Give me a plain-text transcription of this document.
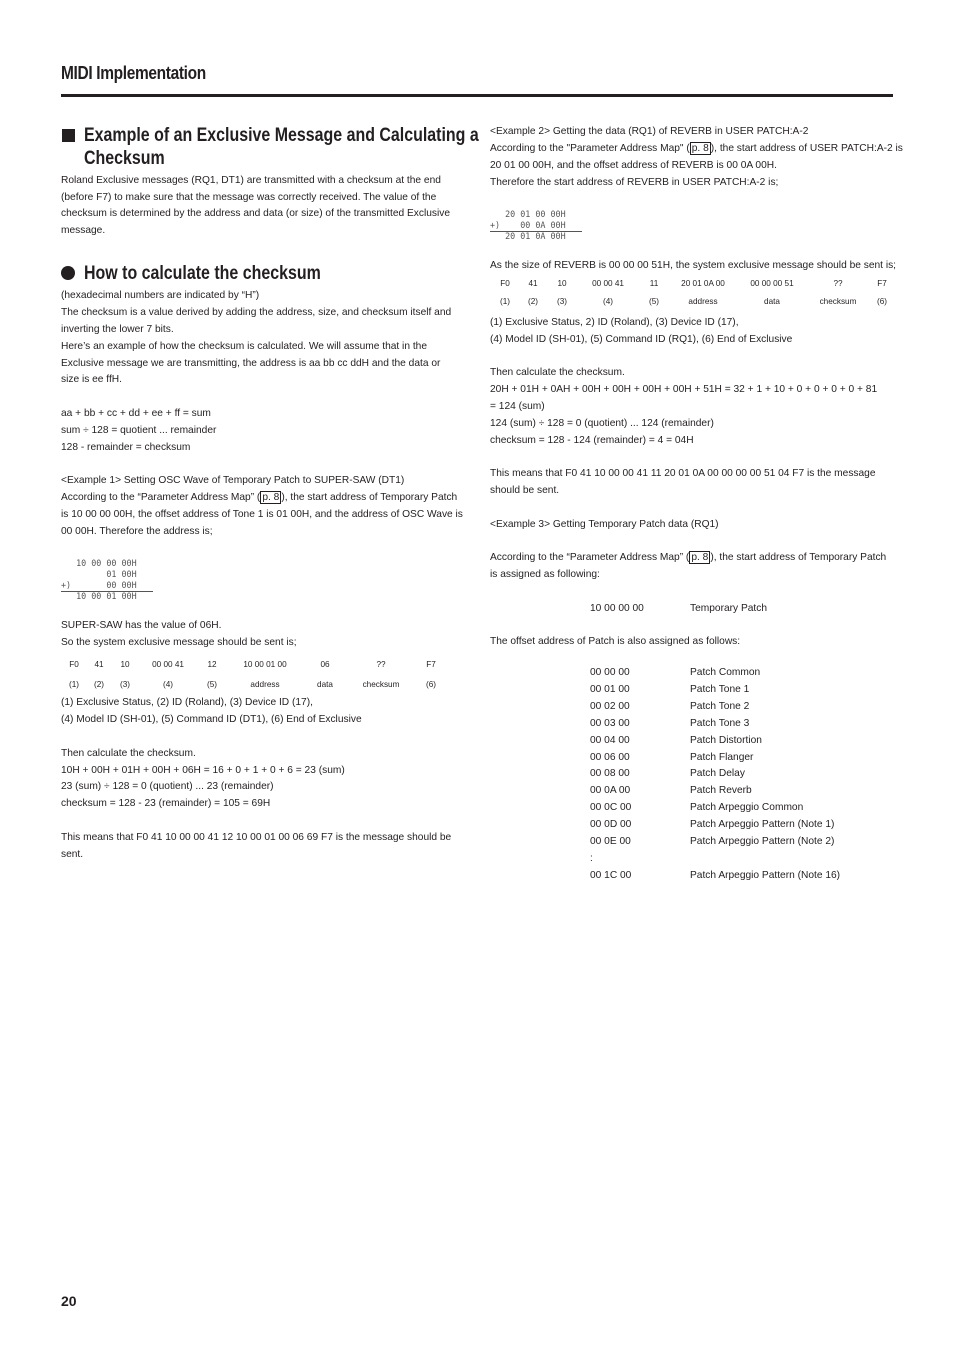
MIDI Implementation
Example of an Exclusive Message and Calculating a
Checksum
Roland Exclusive messages (RQ1, DT1) are transmitted with a checksum at the end
(before F7) to make sure that the message was correctly received. The value of the
checksum is determined by the address and data (or size) of the transmitted Exclusive
message.
How to calculate the checksum
(hexadecimal numbers are indicated by “H”)
The checksum is a value derived by adding the address, size, and checksum itself and
inverting the lower 7 bits.
Here’s an example of how the checksum is calculated. We will assume that in the
Exclusive message we are transmitting, the address is aa bb cc ddH and the data or
size is ee ffH.
aa + bb + cc + dd + ee + ff = sum
sum ÷ 128 = quotient ... remainder
128 - remainder = checksum
<Example 1> Setting OSC Wave of Temporary Patch to SUPER-SAW (DT1)
According to the “Parameter Address Map” ( p. 8 ), the start address of Temporary Patch
is 10 00 00 00H, the offset address of Tone 1 is 01 00H, and the address of OSC Wave is
00 00H. Therefore the address is;
10 00 00 00H
01 00H
+)       00 00H
10 00 01 00H
SUPER-SAW has the value of 06H.
So the system exclusive message should be sent is;
F0 41 10	00 00 41	12	10 00 01 00	06	??	F7
(1) (2) (3)	(4)	(5)	address	data	checksum	(6)
(1) Exclusive Status, (2) ID (Roland), (3) Device ID (17),
(4) Model ID (SH-01), (5) Command ID (DT1), (6) End of Exclusive
Then calculate the checksum.
10H + 00H + 01H + 00H + 06H = 16 + 0 + 1 + 0 + 6 = 23 (sum)
23 (sum) ÷ 128 = 0 (quotient) ... 23 (remainder)
checksum = 128 - 23 (remainder) = 105 = 69H
This means that F0 41 10 00 00 41 12 10 00 01 00 06 69 F7 is the message should be
sent.
<Example 2> Getting the data (RQ1) of REVERB in USER PATCH:A-2
According to the "Parameter Address Map" ( p. 8 ), the start address of USER PATCH:A-2 is
20 01 00 00H, and the offset address of REVERB is 00 0A 00H.
Therefore the start address of REVERB in USER PATCH:A-2 is;
20 01 00 00H
+)    00 0A 00H
20 01 0A 00H
As the size of REVERB is 00 00 00 51H, the system exclusive message should be sent is;
F0 41 10	00 00 41	11	20 01 0A 00	00 00 00 51	??	F7
(1) (2) (3)	(4)	(5)	address	data	checksum	(6)
(1) Exclusive Status, 2) ID (Roland), (3) Device ID (17),
(4) Model ID (SH-01), (5) Command ID (RQ1), (6) End of Exclusive
Then calculate the checksum.
20H + 01H + 0AH + 00H + 00H + 00H + 00H + 51H = 32 + 1 + 10 + 0 + 0 + 0 + 0 + 81
= 124 (sum)
124 (sum) ÷ 128 = 0 (quotient) ... 124 (remainder)
checksum = 128 - 124 (remainder) = 4 = 04H
This means that F0 41 10 00 00 41 11 20 01 0A 00 00 00 00 51 04 F7 is the message
should be sent.
<Example 3> Getting Temporary Patch data (RQ1)
According to the “Parameter Address Map” ( p. 8 ), the start address of Temporary Patch
is assigned as following:
10 00 00 00	Temporary Patch
The offset address of Patch is also assigned as follows:
00 00 00	Patch Common
00 01 00	Patch Tone 1
00 02 00	Patch Tone 2
00 03 00	Patch Tone 3
00 04 00	Patch Distortion
00 06 00	Patch Flanger
00 08 00	Patch Delay
00 0A 00	Patch Reverb
00 0C 00	Patch Arpeggio Common
00 0D 00	Patch Arpeggio Pattern (Note 1)
00 0E 00	Patch Arpeggio Pattern (Note 2)
:
00 1C 00	Patch Arpeggio Pattern (Note 16)
20
